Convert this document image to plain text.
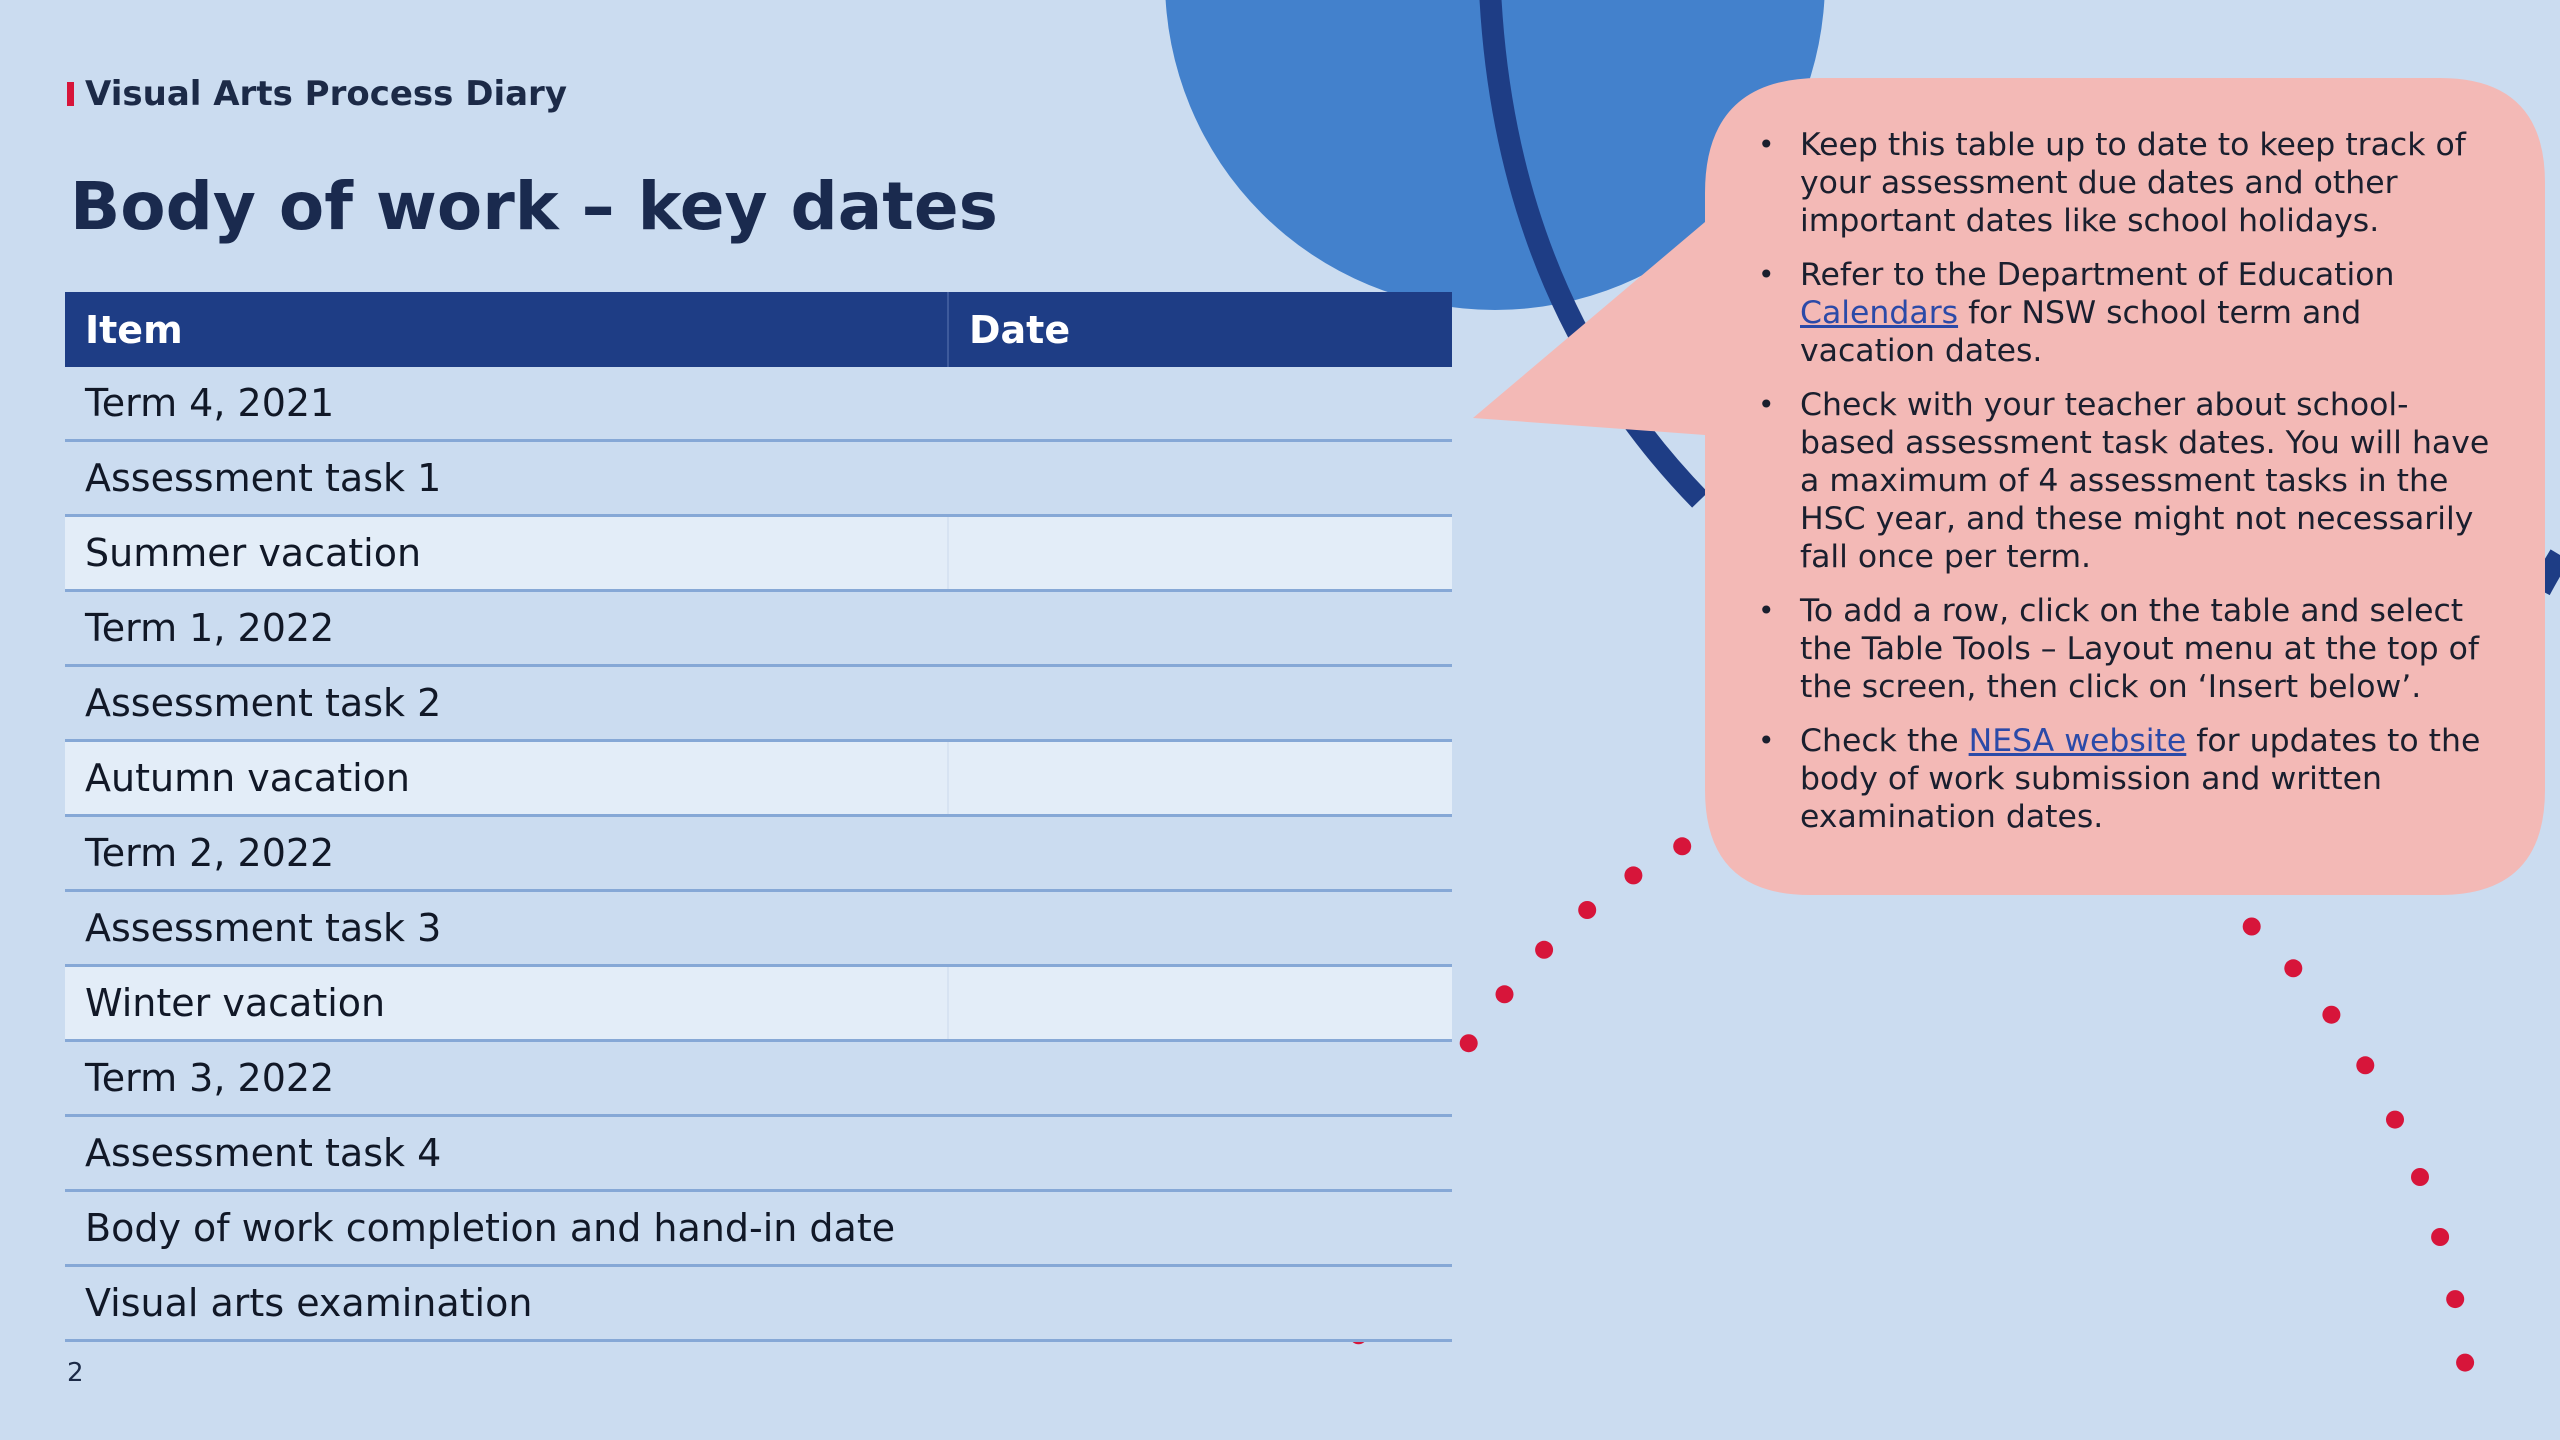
Visual Arts Process Diary
Body of work – key dates
Item	Date
Term 4, 2021	
Assessment task 1	
Summer vacation	
Term 1, 2022	
Assessment task 2	
Autumn vacation	
Term 2, 2022	
Assessment task 3	
Winter vacation	
Term 3, 2022	
Assessment task 4	
Body of work completion and hand-in date	
Visual arts examination	
• Keep this table up to date to keep track of your assessment due dates and other important dates like school holidays.
• Refer to the Department of Education Calendars for NSW school term and vacation dates.
• Check with your teacher about school-based assessment task dates. You will have a maximum of 4 assessment tasks in the HSC year, and these might not necessarily fall once per term.
• To add a row, click on the table and select the Table Tools – Layout menu at the top of the screen, then click on ‘Insert below’.
• Check the NESA website for updates to the body of work submission and written examination dates.
2
